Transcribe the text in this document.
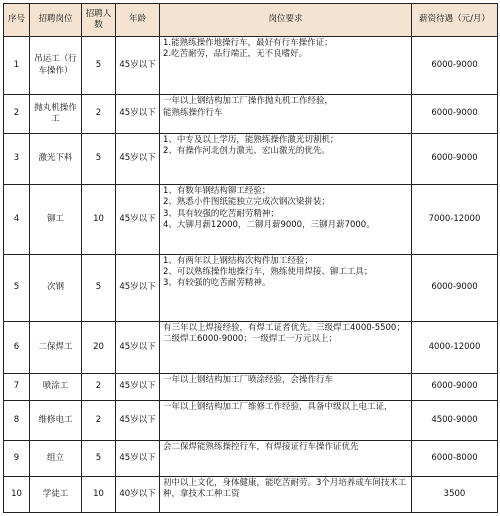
序号	招聘岗位	招聘人数	年龄	岗位要求	薪资待遇（元/月）
1	吊运工（行车操作）	5	45岁以下	1.能熟练操作地操行车，最好有行车操作证；
2.吃苦耐劳，品行端正，无不良嗜好。	6000-9000
2	抛丸机操作工	2	45岁以下	一年以上钢结构加工厂操作抛丸机工作经验，
能熟练操作行车	6000-9000
3	激光下料	5	45岁以下	1、中专及以上学历，能熟练操作激光切割机；
2、有操作河北创力激光、宏山激光的优先。	6000-9000
4	铆工	10	45岁以下	1、有数年钢结构铆工经验；
2、熟悉小件图纸能独立完成次钢次梁拼装；
3、具有较强的吃苦耐劳精神；
4、大铆月薪12000，二铆月薪9000，三铆月薪7000。	7000-12000
5	次钢	5	45岁以下	1、有两年以上钢结构次构件加工经验；
2、可以熟练操作地操行车，熟练使用焊接、铆工工具；
3、有较强的吃苦耐劳精神。	6000-9000
6	二保焊工	20	45岁以下	有三年以上焊接经验，有焊工证者优先。三级焊工4000-5500；二级焊工6000-9000；一级焊工一万元以上；	4000-12000
7	喷涂工	2	45岁以下	一年以上钢结构加工厂喷涂经验，会操作行车	6000-9000
8	维修电工	2	45岁以下	一年以上钢结构加工厂维修工作经验，具备中级以上电工证，	4500-9000
9	组立	5	45岁以下	会二保焊能熟练操控行车，有焊接证行车操作证优先	6000-8000
10	学徒工	10	40岁以下	初中以上文化，身体健康，能吃苦耐劳。3个月培养成车间技术工种，拿技术工种工资	3500
